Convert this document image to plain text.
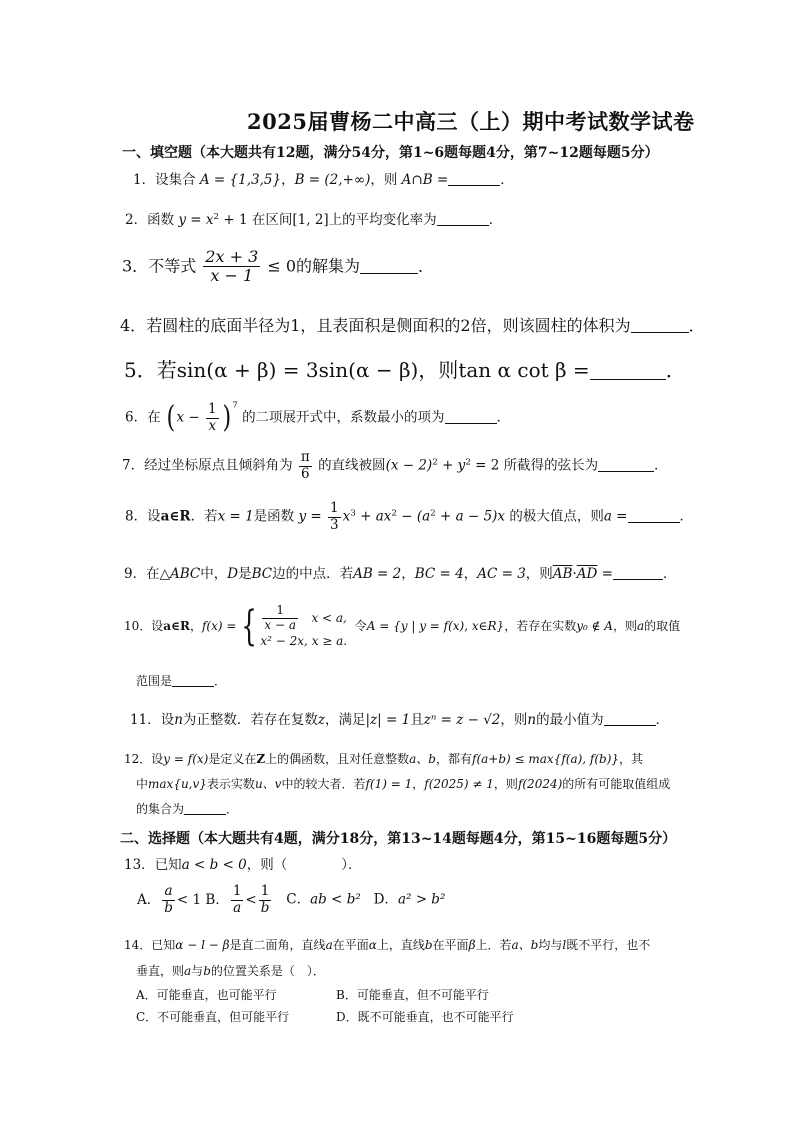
2025届曹杨二中高三（上）期中考试数学试卷
一、填空题（本大题共有12题，满分54分，第1~6题每题4分，第7~12题每题5分）
1．设集合 A = {1,3,5}，B = (2,+∞)，则 A∩B =	．
2．函数 $y = x^2 + 1$ 在区间[1, 2]上的平均变化率为	．
3．不等式 $\frac{2x + 3}{x - 1} \le 0$的解集为	．
4．若圆柱的底面半径为1，且表面积是侧面积的2倍，则该圆柱的体积为	．
5．若sin(α + β) = 3sin(α − β)，则tan α cot β =	．
6．在 $(x - \frac{1}{x} )^7$ 的二项展开式中，系数最小的项为	．
7．经过坐标原点且倾斜角为 $\frac{\pi}{6}$ 的直线被圆$(x - 2)^2 + y^2 = 2$ 所截得的弦长为	．
8．设a∈R．若x = 1是函数 $y = \frac{1}{3} x^3 + ax^2 - (a^2 + a - 5)x$ 的极大值点，则a =	．
9．在△ABC中，D是BC边的中点．若AB = 2，BC = 4，AC = 3，则$\overline{AB}\cdot\overline{AD}$ =	．
10．设a∈R，f(x) = { $\frac{1}{x - a}$ x < a,
x² − 2x, x ≥ a.
令A = {y | y = f(x), x∈R}，若存在实数y₀ ∉ A，则a的取值
范围是	．
11．设n为正整数．若存在复数z，满足|z| = 1且zⁿ = z − √2，则n的最小值为	．
12．设y = f(x)是定义在Z上的偶函数，且对任意整数a、b，都有f(a+b) ≤ max{f(a), f(b)}，其
中max{u,v}表示实数u、v中的较大者．若f(1) = 1，f(2025) ≠ 1，则f(2024)的所有可能取值组成
的集合为	．
二、选择题（本大题共有4题，满分18分，第13~14题每题4分，第15~16题每题5分）
13．已知a < b < 0，则（　　　　）．
A． $\frac{a}{b} < 1$ B． $\frac{1}{a} < \frac{1}{b}$ C．ab < b² D．a² > b²
14．已知α − l − β是直二面角，直线a在平面α上，直线b在平面β上．若a、b均与l既不平行，也不
垂直，则a与b的位置关系是（　）．
A．可能垂直，也可能平行	B．可能垂直，但不可能平行
C．不可能垂直，但可能平行	D．既不可能垂直，也不可能平行
